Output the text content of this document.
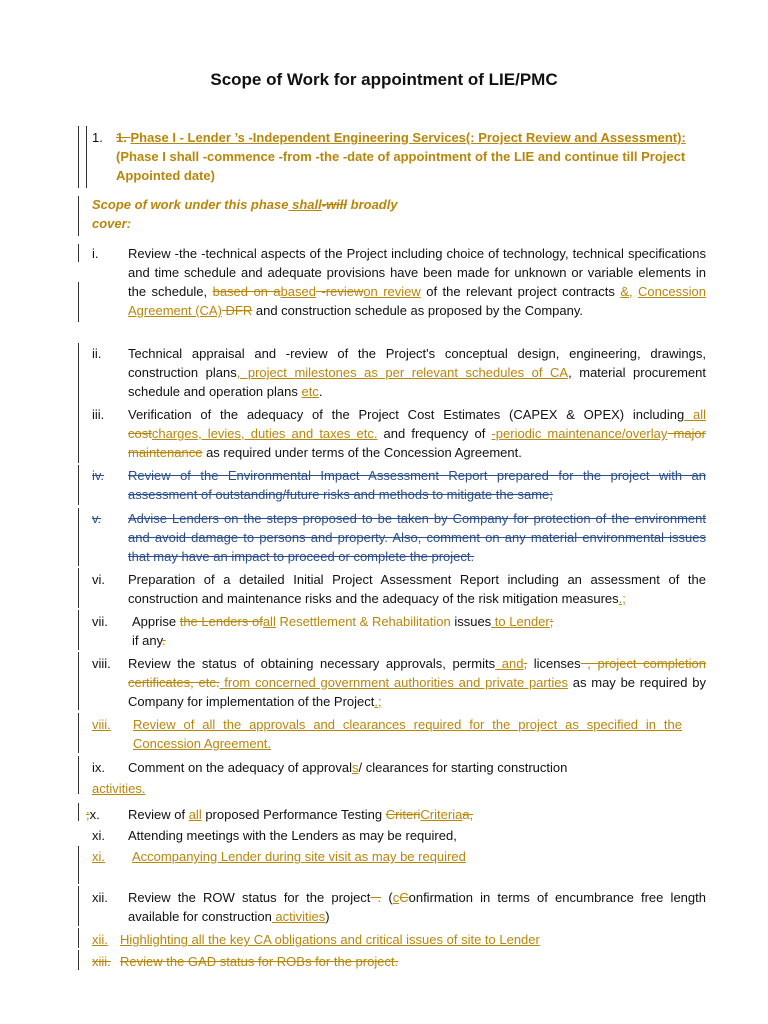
Scope of Work for appointment of LIE/PMC
1. 1. Phase I - Lender ’s -Independent Engineering Services(: Project Review and Assessment): (Phase I shall -commence -from -the -date of appointment of the LIE and continue till Project Appointed date)
Scope of work under this phase shall-will broadly cover:
i. Review -the -technical aspects of the Project including choice of technology, technical specifications and time schedule and adequate provisions have been made for unknown or variable elements in the schedule, based on abased -reviewon review of the relevant project contracts &, Concession Agreement (CA) DFR and construction schedule as proposed by the Company.
ii. Technical appraisal and -review of the Project's conceptual design, engineering, drawings, construction plans, project milestones as per relevant schedules of CA, material procurement schedule and operation plans etc.
iii. Verification of the adequacy of the Project Cost Estimates (CAPEX & OPEX) including all costcharges, levies, duties and taxes etc. and frequency of -periodic maintenance/overlay major maintenance as required under terms of the Concession Agreement.
iv. Review of the Environmental Impact Assessment Report prepared for the project with an assessment of outstanding/future risks and methods to mitigate the same;
v. Advise Lenders on the steps proposed to be taken by Company for protection of the environment and avoid damage to persons and property. Also, comment on any material environmental issues that may have an impact to proceed or complete the project.
vi. Preparation of a detailed Initial Project Assessment Report including an assessment of the construction and maintenance risks and the adequacy of the risk mitigation measures.;
vii. Apprise the Lenders ofall Resettlement & Rehabilitation issues to Lender; if any.
viii. Review the status of obtaining necessary approvals, permits and, licenses , project completion certificates, etc. from concerned government authorities and private parties as may be required by Company for implementation of the Project.;
viii. Review of all the approvals and clearances required for the project as specified in the Concession Agreement.
ix. Comment on the adequacy of approvals/ clearances for starting construction
activities.
;x. Review of all proposed Performance Testing CriteriCriteriaa,
xi. Attending meetings with the Lenders as may be required,
xi.	Accompanying Lender during site visit as may be required
xii. Review the ROW status for the project . (cConfirmation in terms of encumbrance free length available for construction activities)
xii. Highlighting all the key CA obligations and critical issues of site to Lender
xiii. Review the GAD status for ROBs for the project.
